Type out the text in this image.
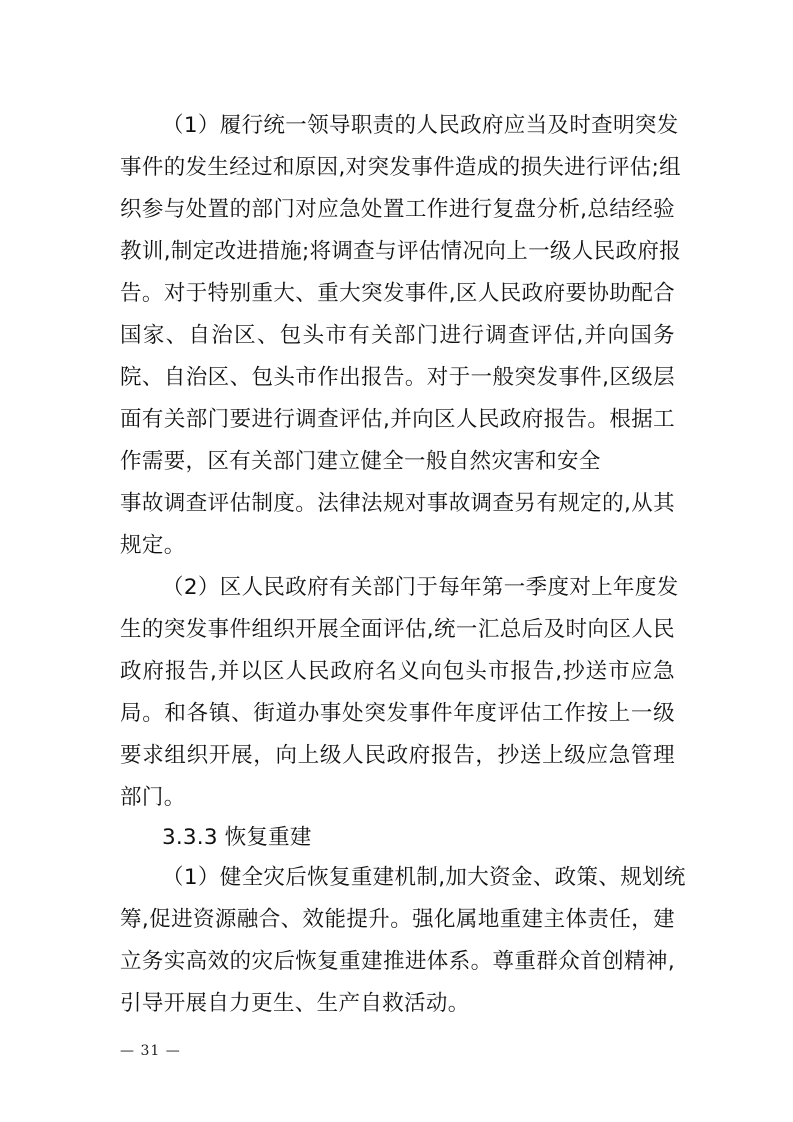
（1）履行统一领导职责的人民政府应当及时查明突发
事件的发生经过和原因,对突发事件造成的损失进行评估;组
织参与处置的部门对应急处置工作进行复盘分析,总结经验
教训,制定改进措施;将调查与评估情况向上一级人民政府报
告。对于特别重大、重大突发事件,区人民政府要协助配合
国家、自治区、包头市有关部门进行调查评估,并向国务
院、自治区、包头市作出报告。对于一般突发事件,区级层
面有关部门要进行调查评估,并向区人民政府报告。根据工
作需要，区有关部门建立健全一般自然灾害和安全
事故调查评估制度。法律法规对事故调查另有规定的,从其
规定。
（2）区人民政府有关部门于每年第一季度对上年度发
生的突发事件组织开展全面评估,统一汇总后及时向区人民
政府报告,并以区人民政府名义向包头市报告,抄送市应急
局。和各镇、街道办事处突发事件年度评估工作按上一级
要求组织开展，向上级人民政府报告，抄送上级应急管理
部门。
3.3.3 恢复重建
（1）健全灾后恢复重建机制,加大资金、政策、规划统
筹,促进资源融合、效能提升。强化属地重建主体责任，建
立务实高效的灾后恢复重建推进体系。尊重群众首创精神,
引导开展自力更生、生产自救活动。
— 31 —
